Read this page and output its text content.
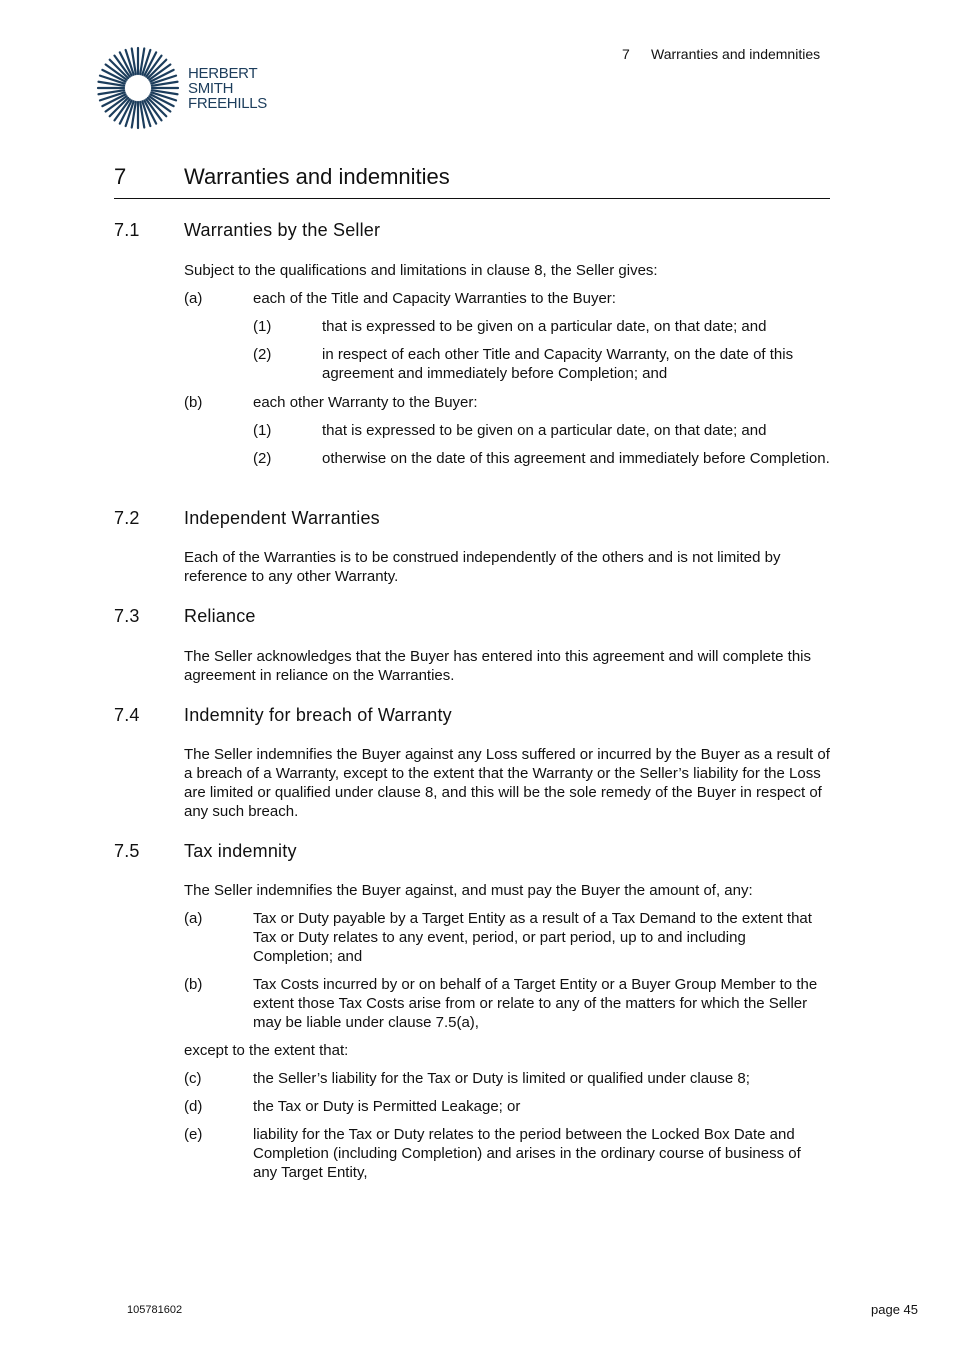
HERBERT
SMITH
FREEHILLS
7 Warranties and indemnities
7	Warranties and indemnities
7.1 Warranties by the Seller
Subject to the qualifications and limitations in clause 8, the Seller gives:
(a)	each of the Title and Capacity Warranties to the Buyer:
(1)	that is expressed to be given on a particular date, on that date; and
(2)	in respect of each other Title and Capacity Warranty, on the date of this agreement and immediately before Completion; and
(b)	each other Warranty to the Buyer:
(1)	that is expressed to be given on a particular date, on that date; and
(2)	otherwise on the date of this agreement and immediately before Completion.
7.2 Independent Warranties
Each of the Warranties is to be construed independently of the others and is not limited by reference to any other Warranty.
7.3 Reliance
The Seller acknowledges that the Buyer has entered into this agreement and will complete this agreement in reliance on the Warranties.
7.4 Indemnity for breach of Warranty
The Seller indemnifies the Buyer against any Loss suffered or incurred by the Buyer as a result of a breach of a Warranty, except to the extent that the Warranty or the Seller’s liability for the Loss are limited or qualified under clause 8, and this will be the sole remedy of the Buyer in respect of any such breach.
7.5 Tax indemnity
The Seller indemnifies the Buyer against, and must pay the Buyer the amount of, any:
(a)	Tax or Duty payable by a Target Entity as a result of a Tax Demand to the extent that Tax or Duty relates to any event, period, or part period, up to and including Completion; and
(b)	Tax Costs incurred by or on behalf of a Target Entity or a Buyer Group Member to the extent those Tax Costs arise from or relate to any of the matters for which the Seller may be liable under clause 7.5(a),
except to the extent that:
(c)	the Seller’s liability for the Tax or Duty is limited or qualified under clause 8;
(d)	the Tax or Duty is Permitted Leakage; or
(e)	liability for the Tax or Duty relates to the period between the Locked Box Date and Completion (including Completion) and arises in the ordinary course of business of any Target Entity,
105781602	page 45
